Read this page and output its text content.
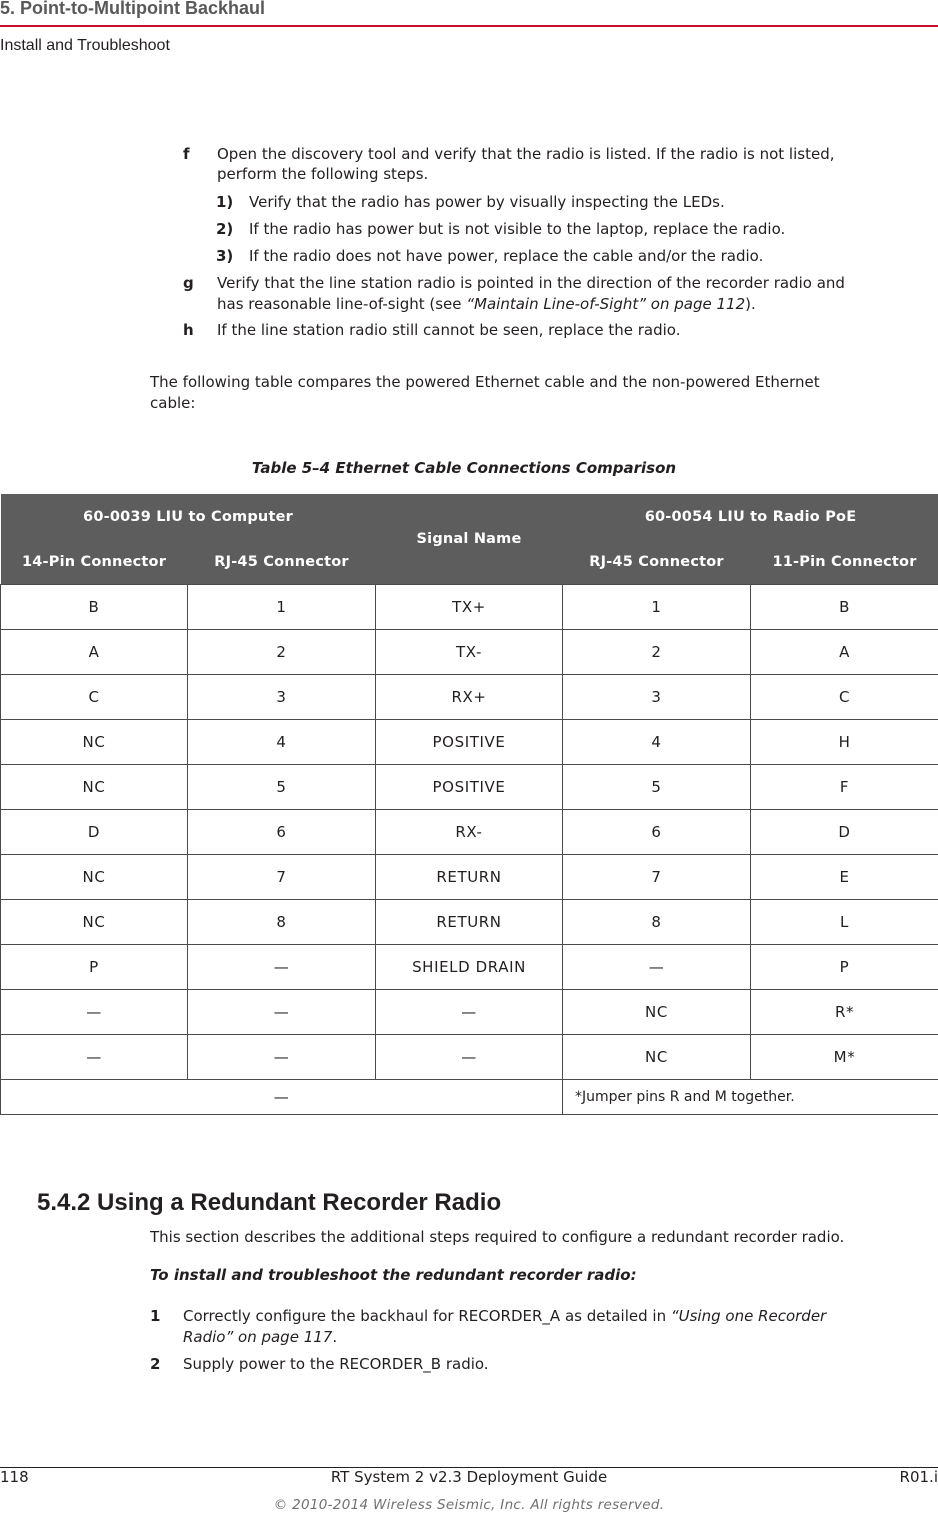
5. Point-to-Multipoint Backhaul
Install and Troubleshoot
f Open the discovery tool and verify that the radio is listed. If the radio is not listed,
perform the following steps.
1) Verify that the radio has power by visually inspecting the LEDs.
2) If the radio has power but is not visible to the laptop, replace the radio.
3) If the radio does not have power, replace the cable and/or the radio.
g Verify that the line station radio is pointed in the direction of the recorder radio and
has reasonable line-of-sight (see “Maintain Line-of-Sight” on page 112).
h If the line station radio still cannot be seen, replace the radio.
The following table compares the powered Ethernet cable and the non-powered Ethernet
cable:
Table 5–4 Ethernet Cable Connections Comparison
60-0039 LIU to Computer		Signal Name	60-0054 LIU to Radio PoE	
14-Pin Connector	RJ-45 Connector		RJ-45 Connector	11-Pin Connector
B	1	TX+	1	B
A	2	TX-	2	A
C	3	RX+	3	C
NC	4	POSITIVE	4	H
NC	5	POSITIVE	5	F
D	6	RX-	6	D
NC	7	RETURN	7	E
NC	8	RETURN	8	L
P	—	SHIELD DRAIN	—	P
—	—	—	NC	R*
—	—	—	NC	M*
—			*Jumper pins R and M together.	
5.4.2 Using a Redundant Recorder Radio
This section describes the additional steps required to configure a redundant recorder radio.
To install and troubleshoot the redundant recorder radio:
1 Correctly configure the backhaul for RECORDER_A as detailed in “Using one Recorder
Radio” on page 117.
2 Supply power to the RECORDER_B radio.
118	RT System 2 v2.3 Deployment Guide	R01.i
© 2010-2014 Wireless Seismic, Inc. All rights reserved.
